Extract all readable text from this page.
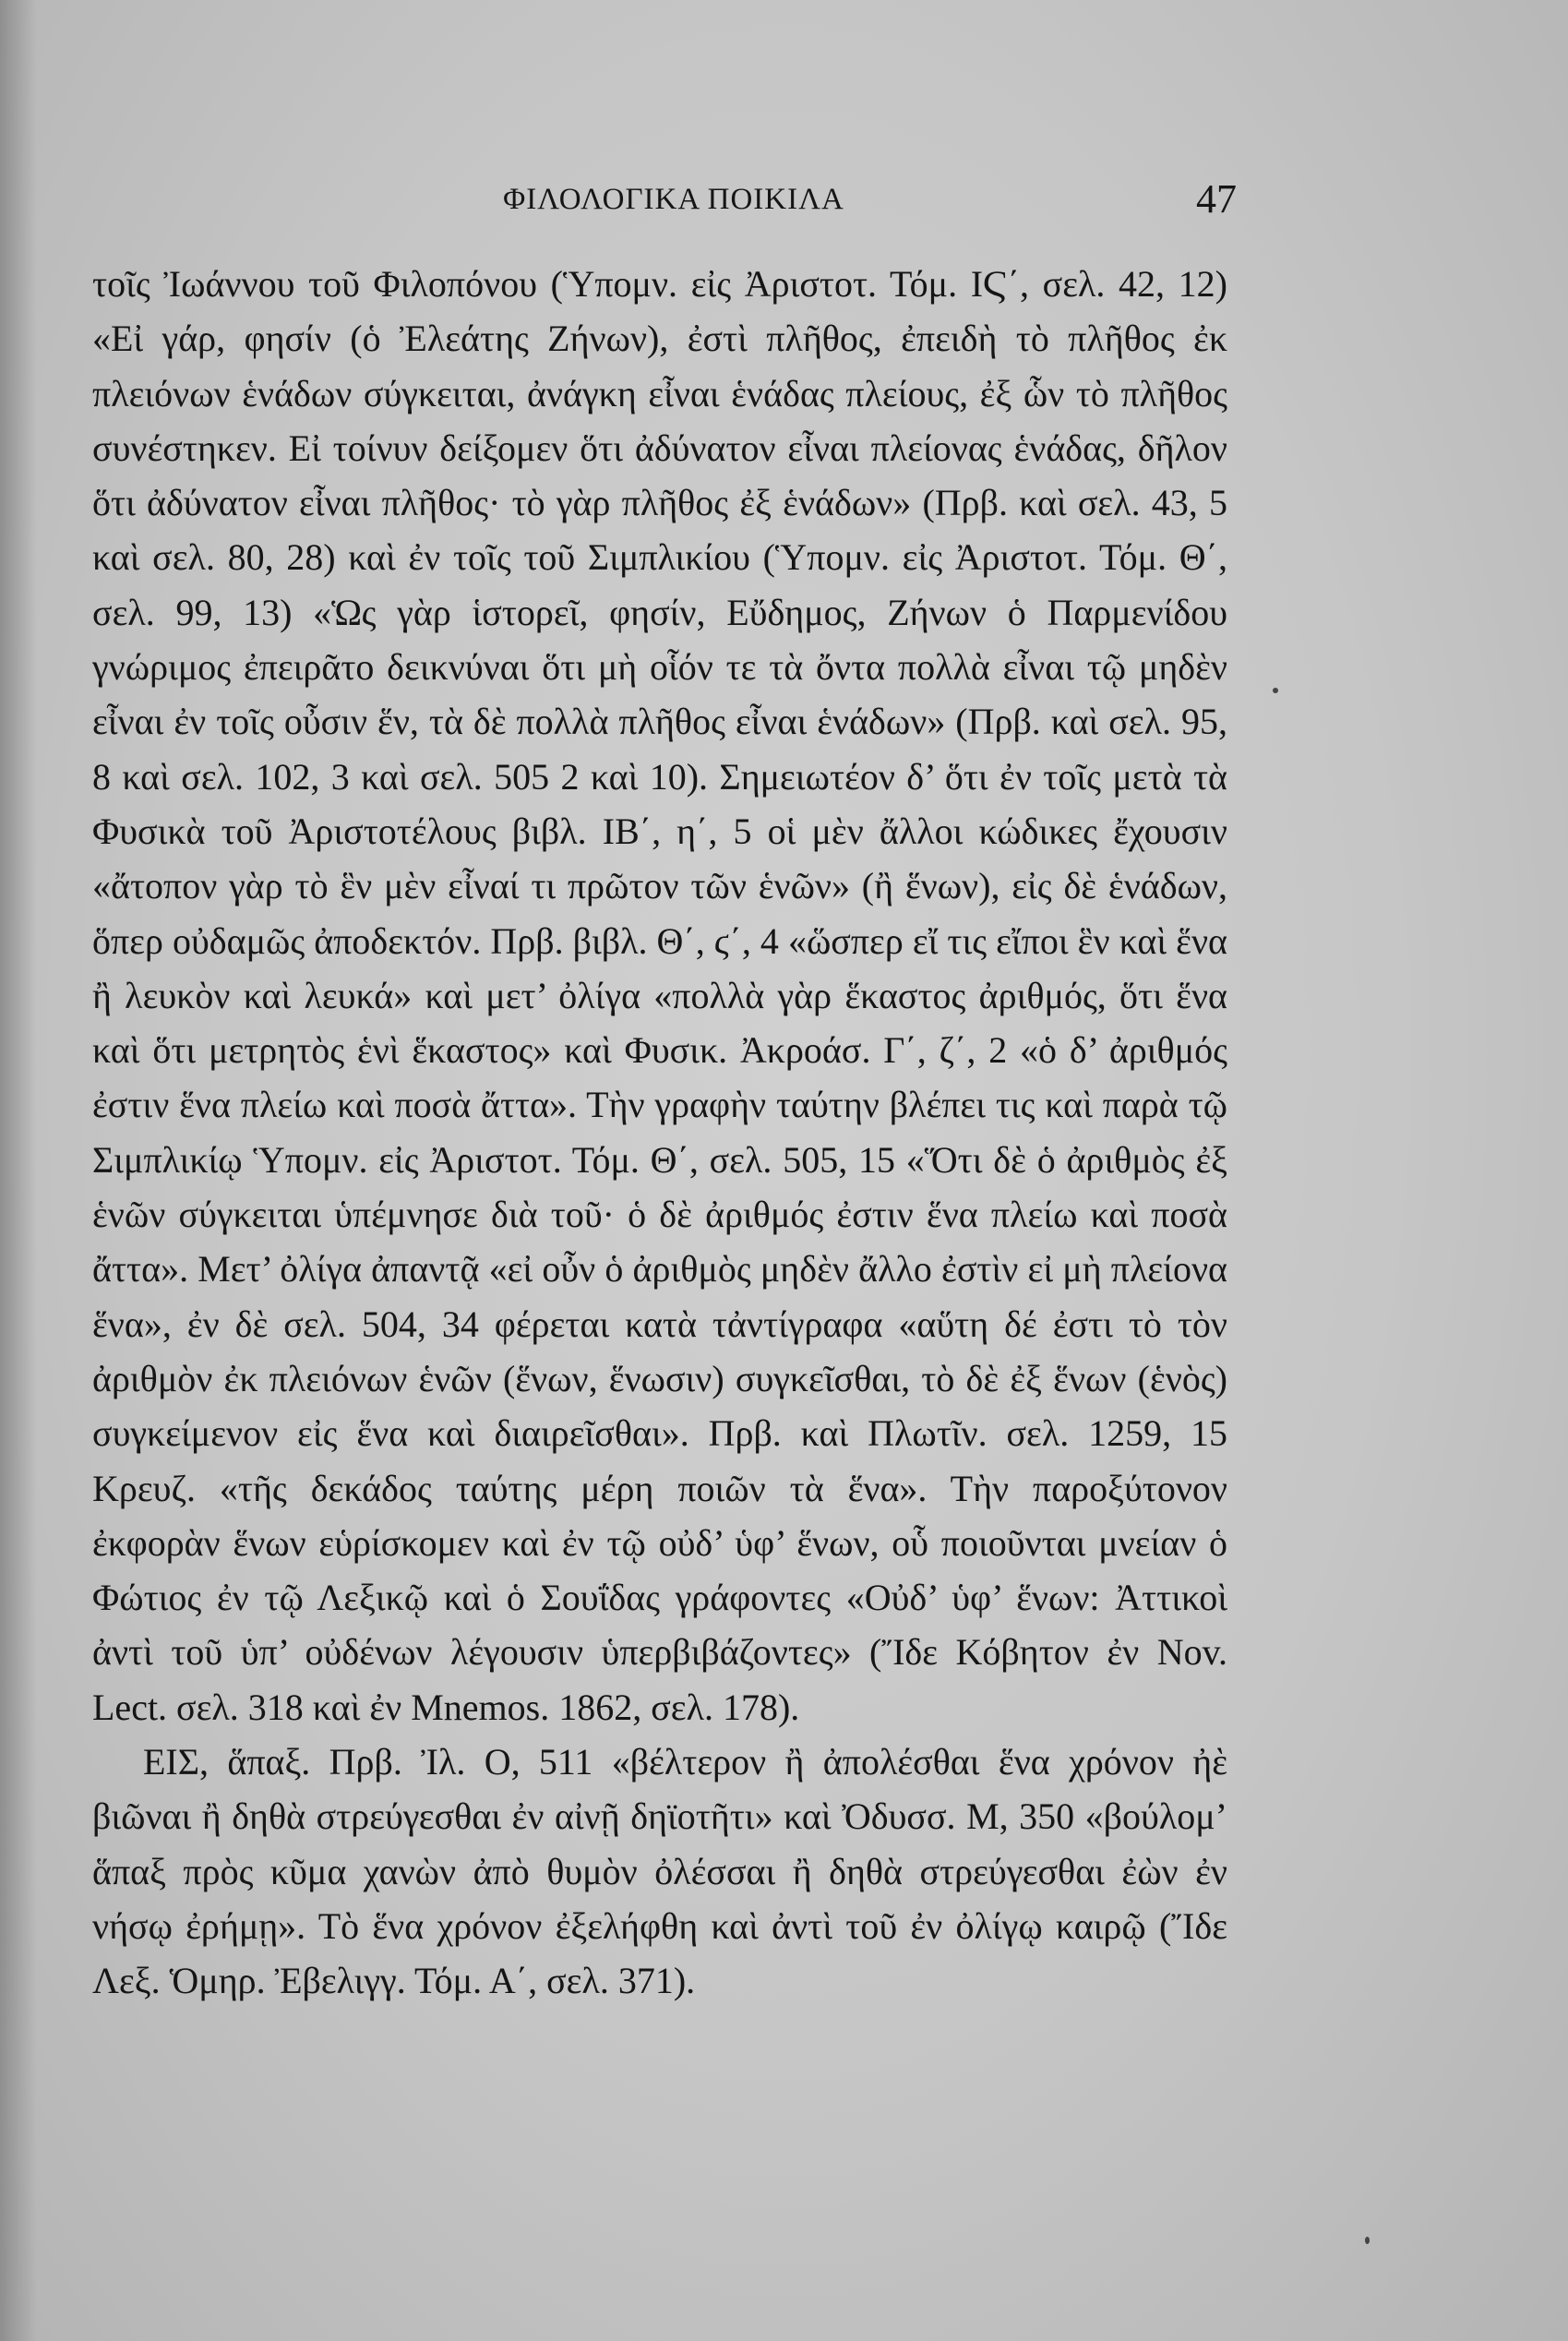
ΦΙΛΟΛΟΓΙΚΑ ΠΟΙΚΙΛΑ	47

τοῖς Ἰωάννου τοῦ Φιλοπόνου (Ὑπομν. εἰς Ἀριστοτ. Τόμ. ΙϚ΄, σελ. 42, 12) «Εἰ γάρ, φησίν (ὁ Ἐλεάτης Ζήνων), ἐστὶ πλῆθος, ἐπειδὴ τὸ πλῆθος ἐκ πλειόνων ἑνάδων σύγκειται, ἀνάγκη εἶναι ἑνάδας πλείους, ἐξ ὧν τὸ πλῆθος συνέστηκεν. Εἰ τοίνυν δείξομεν ὅτι ἀδύνατον εἶναι πλείονας ἑνάδας, δῆλον ὅτι ἀδύνατον εἶναι πλῆθος· τὸ γὰρ πλῆθος ἐξ ἑνάδων» (Πρβ. καὶ σελ. 43, 5 καὶ σελ. 80, 28) καὶ ἐν τοῖς τοῦ Σιμπλικίου (Ὑπομν. εἰς Ἀριστοτ. Τόμ. Θ΄, σελ. 99, 13) «Ὡς γὰρ ἱστορεῖ, φησίν, Εὔδημος, Ζήνων ὁ Παρμενίδου γνώριμος ἐπειρᾶτο δεικνύναι ὅτι μὴ οἷόν τε τὰ ὄντα πολλὰ εἶναι τῷ μηδὲν εἶναι ἐν τοῖς οὖσιν ἕν, τὰ δὲ πολλὰ πλῆθος εἶναι ἑνάδων» (Πρβ. καὶ σελ. 95, 8 καὶ σελ. 102, 3 καὶ σελ. 505 2 καὶ 10). Σημειωτέον δ’ ὅτι ἐν τοῖς μετὰ τὰ Φυσικὰ τοῦ Ἀριστοτέλους βιβλ. ΙΒ΄, η΄, 5 οἱ μὲν ἄλλοι κώδικες ἔχουσιν «ἄτοπον γὰρ τὸ ἓν μὲν εἶναί τι πρῶτον τῶν ἑνῶν» (ἢ ἕνων), εἰς δὲ ἑνάδων, ὅπερ οὐδαμῶς ἀποδεκτόν. Πρβ. βιβλ. Θ΄, ϛ΄, 4 «ὥσπερ εἴ τις εἴποι ἓν καὶ ἕνα ἢ λευκὸν καὶ λευκά» καὶ μετ’ ὀλίγα «πολλὰ γὰρ ἕκαστος ἀριθμός, ὅτι ἕνα καὶ ὅτι μετρητὸς ἑνὶ ἕκαστος» καὶ Φυσικ. Ἀκροάσ. Γ΄, ζ΄, 2 «ὁ δ’ ἀριθμός ἐστιν ἕνα πλείω καὶ ποσὰ ἄττα». Τὴν γραφὴν ταύτην βλέπει τις καὶ παρὰ τῷ Σιμπλικίῳ Ὑπομν. εἰς Ἀριστοτ. Τόμ. Θ΄, σελ. 505, 15 «Ὅτι δὲ ὁ ἀριθμὸς ἐξ ἑνῶν σύγκειται ὑπέμνησε διὰ τοῦ· ὁ δὲ ἀριθμός ἐστιν ἕνα πλείω καὶ ποσὰ ἄττα». Μετ’ ὀλίγα ἀπαντᾷ «εἰ οὖν ὁ ἀριθμὸς μηδὲν ἄλλο ἐστὶν εἰ μὴ πλείονα ἕνα», ἐν δὲ σελ. 504, 34 φέρεται κατὰ τἀντίγραφα «αὕτη δέ ἐστι τὸ τὸν ἀριθμὸν ἐκ πλειόνων ἑνῶν (ἕνων, ἕνωσιν) συγκεῖσθαι, τὸ δὲ ἐξ ἕνων (ἑνὸς) συγκείμενον εἰς ἕνα καὶ διαιρεῖσθαι». Πρβ. καὶ Πλωτῖν. σελ. 1259, 15 Κρευζ. «τῆς δεκάδος ταύτης μέρη ποιῶν τὰ ἕνα». Τὴν παροξύτονον ἐκφορὰν ἕνων εὑρίσκομεν καὶ ἐν τῷ οὐδ’ ὑφ’ ἕνων, οὗ ποιοῦνται μνείαν ὁ Φώτιος ἐν τῷ Λεξικῷ καὶ ὁ Σουΐδας γράφοντες «Οὐδ’ ὑφ’ ἕνων: Ἀττικοὶ ἀντὶ τοῦ ὑπ’ οὐδένων λέγουσιν ὑπερβιβάζοντες» (Ἴδε Κόβητον ἐν Nov. Lect. σελ. 318 καὶ ἐν Mnemos. 1862, σελ. 178).

ΕΙΣ, ἅπαξ. Πρβ. Ἰλ. Ο, 511 «βέλτερον ἢ ἀπολέσθαι ἕνα χρόνον ἠὲ βιῶναι ἢ δηθὰ στρεύγεσθαι ἐν αἰνῇ δηϊοτῆτι» καὶ Ὀδυσσ. Μ, 350 «βούλομ’ ἅπαξ πρὸς κῦμα χανὼν ἀπὸ θυμὸν ὀλέσσαι ἢ δηθὰ στρεύγεσθαι ἐὼν ἐν νήσῳ ἐρήμῃ». Τὸ ἕνα χρόνον ἐξελήφθη καὶ ἀντὶ τοῦ ἐν ὀλίγῳ καιρῷ (Ἴδε Λεξ. Ὁμηρ. Ἐβελιγγ. Τόμ. Α΄, σελ. 371).
